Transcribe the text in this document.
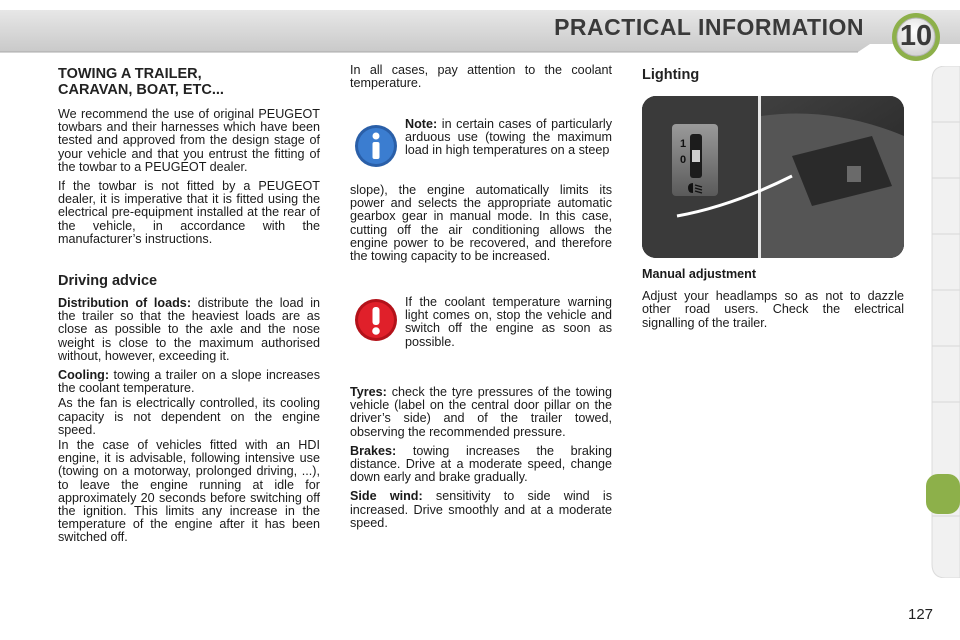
PRACTICAL INFORMATION	10
TOWING A TRAILER,
CARAVAN, BOAT, ETC...

We recommend the use of original PEUGEOT towbars and their harnesses which have been tested and approved from the design stage of your vehicle and that you entrust the fitting of the towbar to a PEUGEOT dealer.

If the towbar is not fitted by a PEUGEOT dealer, it is imperative that it is fitted using the electrical pre-equipment installed at the rear of the vehicle, in accordance with the manufacturer’s instructions.

Driving advice

Distribution of loads: distribute the load in the trailer so that the heaviest loads are as close as possible to the axle and the nose weight is close to the maximum authorised without, however, exceeding it.

Cooling: towing a trailer on a slope increases the coolant temperature.

As the fan is electrically controlled, its cooling capacity is not dependent on the engine speed.

In the case of vehicles fitted with an HDI engine, it is advisable, following intensive use (towing on a motorway, prolonged driving, ...), to leave the engine running at idle for approximately 20 seconds before switching off the ignition. This limits any increase in the temperature of the engine after it has been switched off.

In all cases, pay attention to the coolant temperature.

Note: in certain cases of particularly arduous use (towing the maximum load in high temperatures on a steep
slope), the engine automatically limits its power and selects the appropriate automatic gearbox gear in manual mode. In this case, cutting off the air conditioning allows the engine power to be recovered, and therefore the towing capacity to be increased.
If the coolant temperature warning light comes on, stop the vehicle and switch off the engine as soon as possible.

Tyres: check the tyre pressures of the towing vehicle (label on the central door pillar on the driver’s side) and of the trailer towed, observing the recommended pressure.

Brakes: towing increases the braking distance. Drive at a moderate speed, change down early and brake gradually.

Side wind: sensitivity to side wind is increased. Drive smoothly and at a moderate speed.

Lighting
1
0

Manual adjustment

Adjust your headlamps so as not to dazzle other road users. Check the electrical signalling of the trailer.

127
